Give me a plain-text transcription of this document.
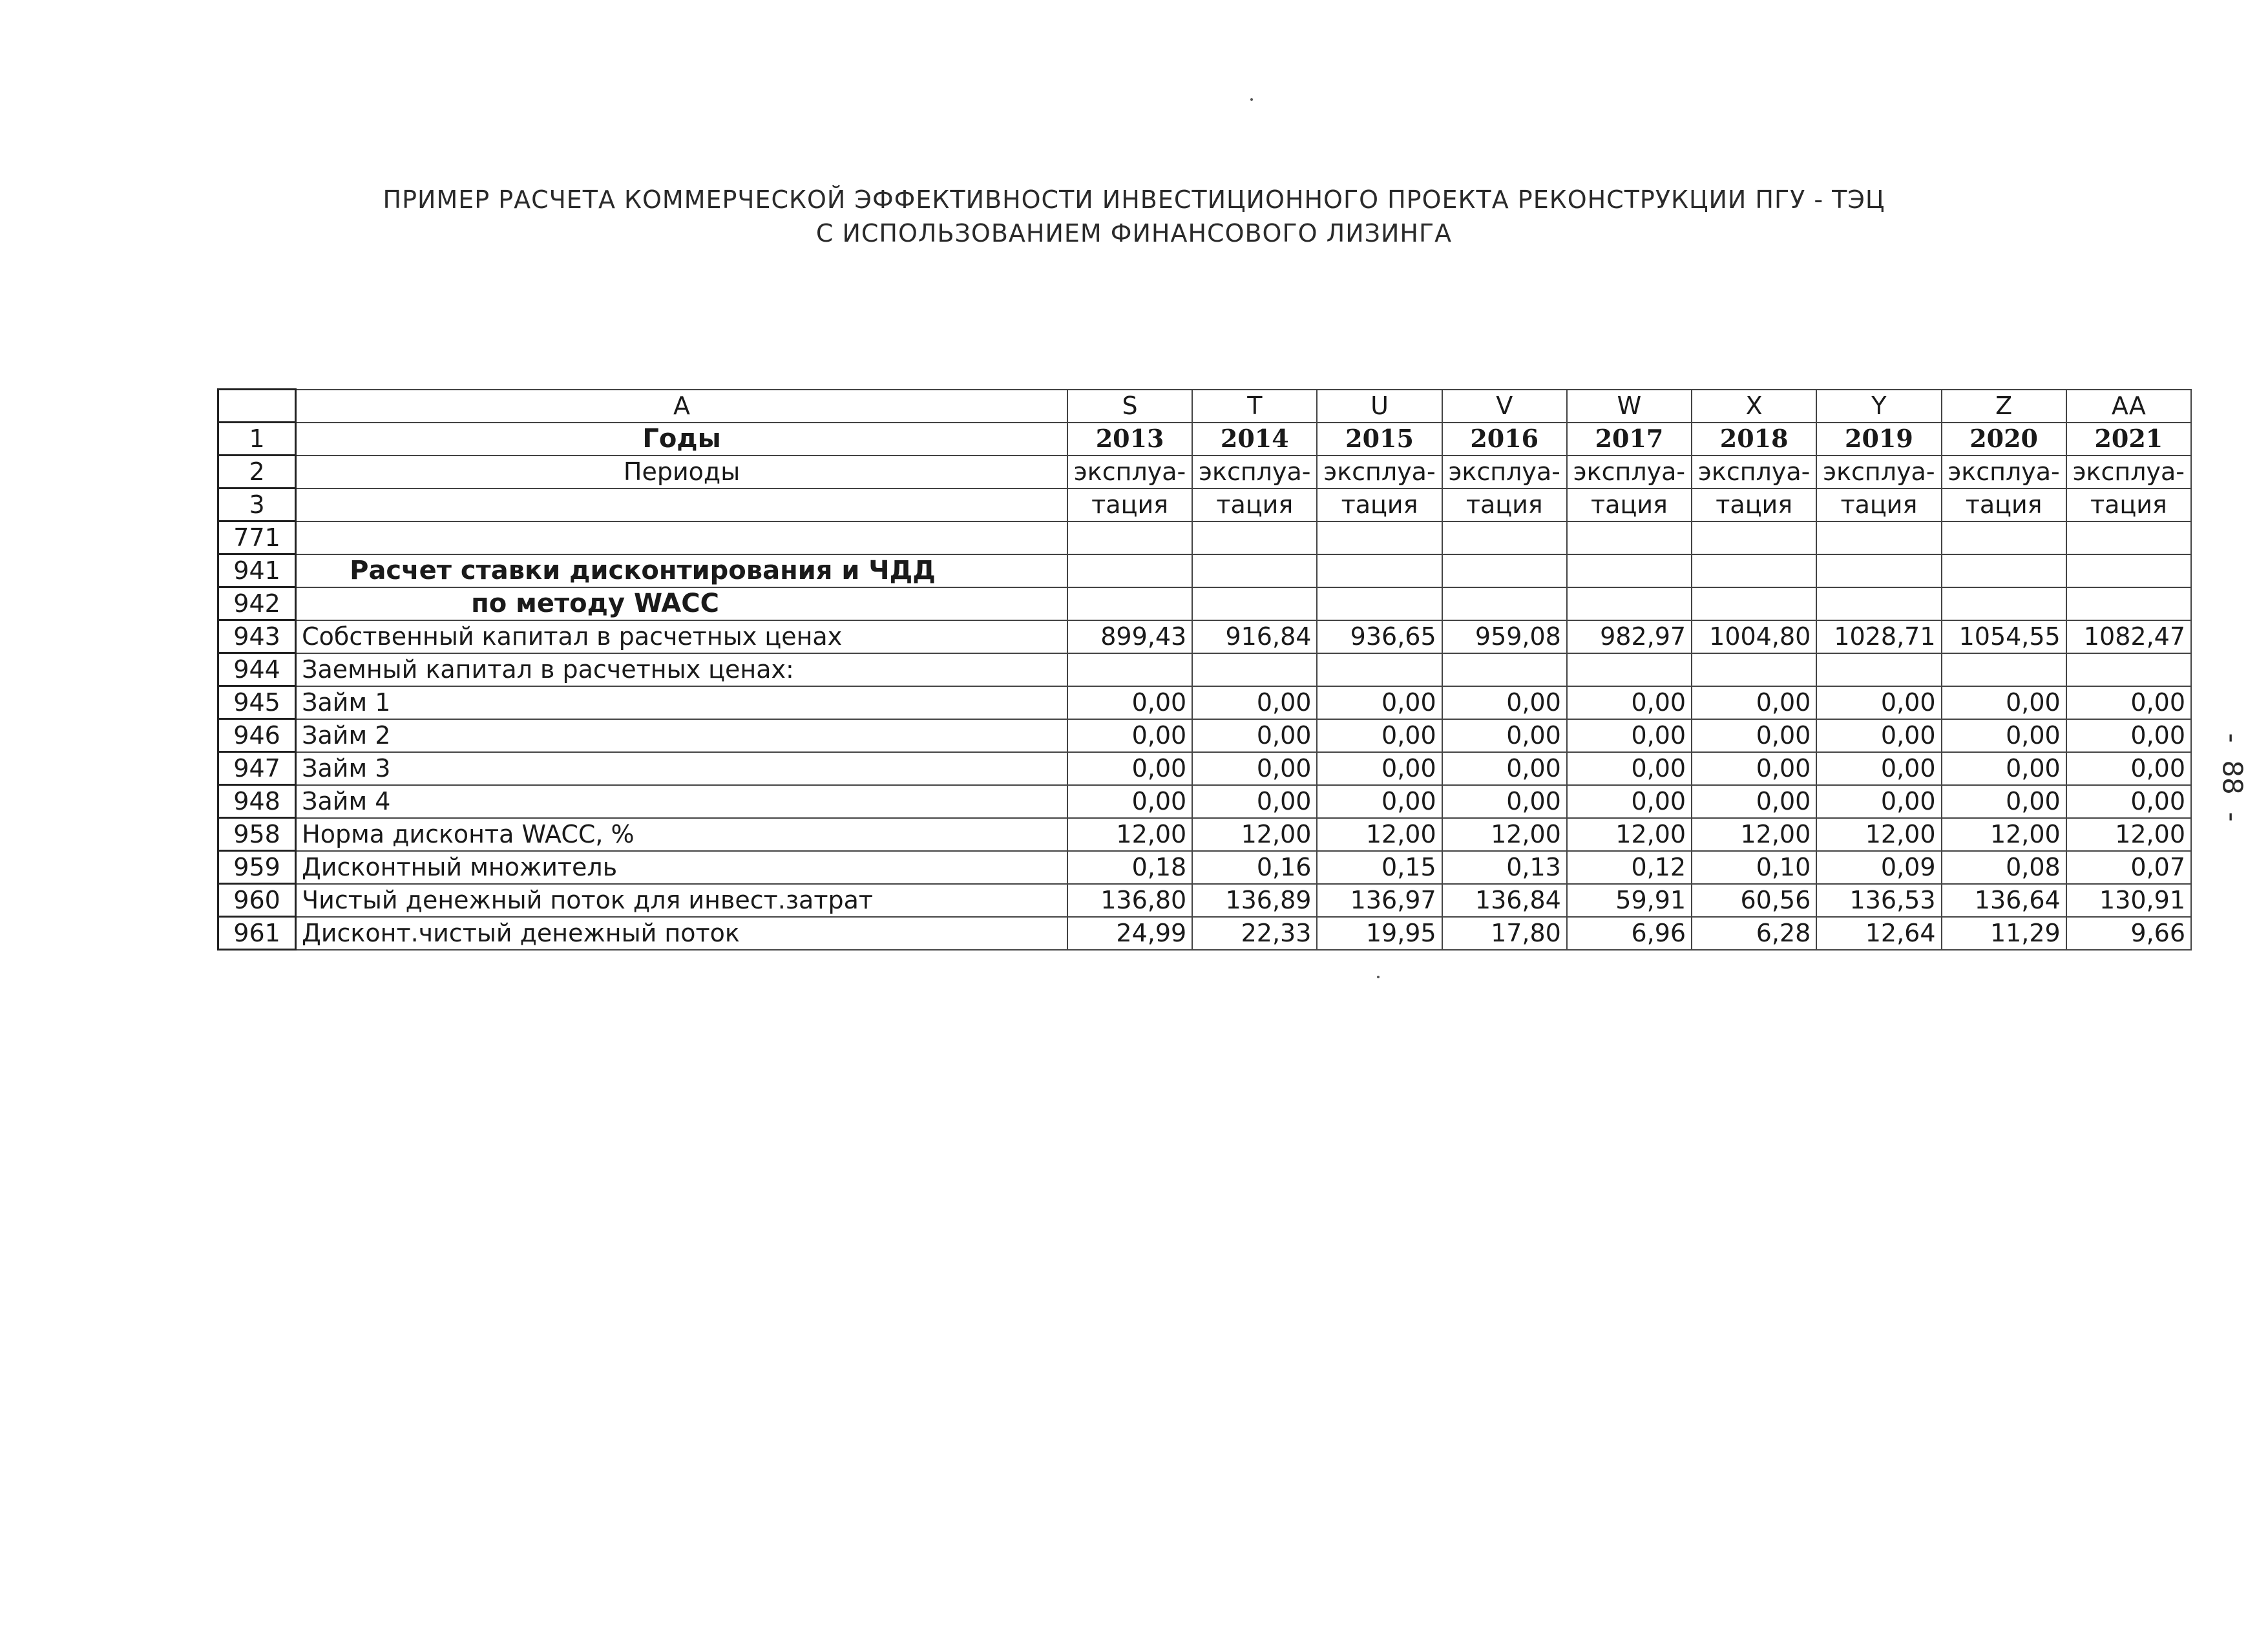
ПРИМЕР РАСЧЕТА КОММЕРЧЕСКОЙ ЭФФЕКТИВНОСТИ ИНВЕСТИЦИОННОГО ПРОЕКТА РЕКОНСТРУКЦИИ ПГУ - ТЭЦ
С ИСПОЛЬЗОВАНИЕМ ФИНАНСОВОГО ЛИЗИНГА
-  88  -
	A	S	T	U	V	W	X	Y	Z	AA
1	Годы	2013	2014	2015	2016	2017	2018	2019	2020	2021
2	Периоды	эксплуа-	эксплуа-	эксплуа-	эксплуа-	эксплуа-	эксплуа-	эксплуа-	эксплуа-	эксплуа-
3		тация	тация	тация	тация	тация	тация	тация	тация	тация
771										
941	Расчет ставки дисконтирования и ЧДД									
942	по методу WACC									
943	Собственный капитал в расчетных ценах	899,43	916,84	936,65	959,08	982,97	1004,80	1028,71	1054,55	1082,47
944	Заемный капитал в расчетных ценах:									
945	Займ 1	0,00	0,00	0,00	0,00	0,00	0,00	0,00	0,00	0,00
946	Займ 2	0,00	0,00	0,00	0,00	0,00	0,00	0,00	0,00	0,00
947	Займ 3	0,00	0,00	0,00	0,00	0,00	0,00	0,00	0,00	0,00
948	Займ 4	0,00	0,00	0,00	0,00	0,00	0,00	0,00	0,00	0,00
958	Норма дисконта WACC, %	12,00	12,00	12,00	12,00	12,00	12,00	12,00	12,00	12,00
959	Дисконтный множитель	0,18	0,16	0,15	0,13	0,12	0,10	0,09	0,08	0,07
960	Чистый денежный поток для инвест.затрат	136,80	136,89	136,97	136,84	59,91	60,56	136,53	136,64	130,91
961	Дисконт.чистый денежный поток	24,99	22,33	19,95	17,80	6,96	6,28	12,64	11,29	9,66
